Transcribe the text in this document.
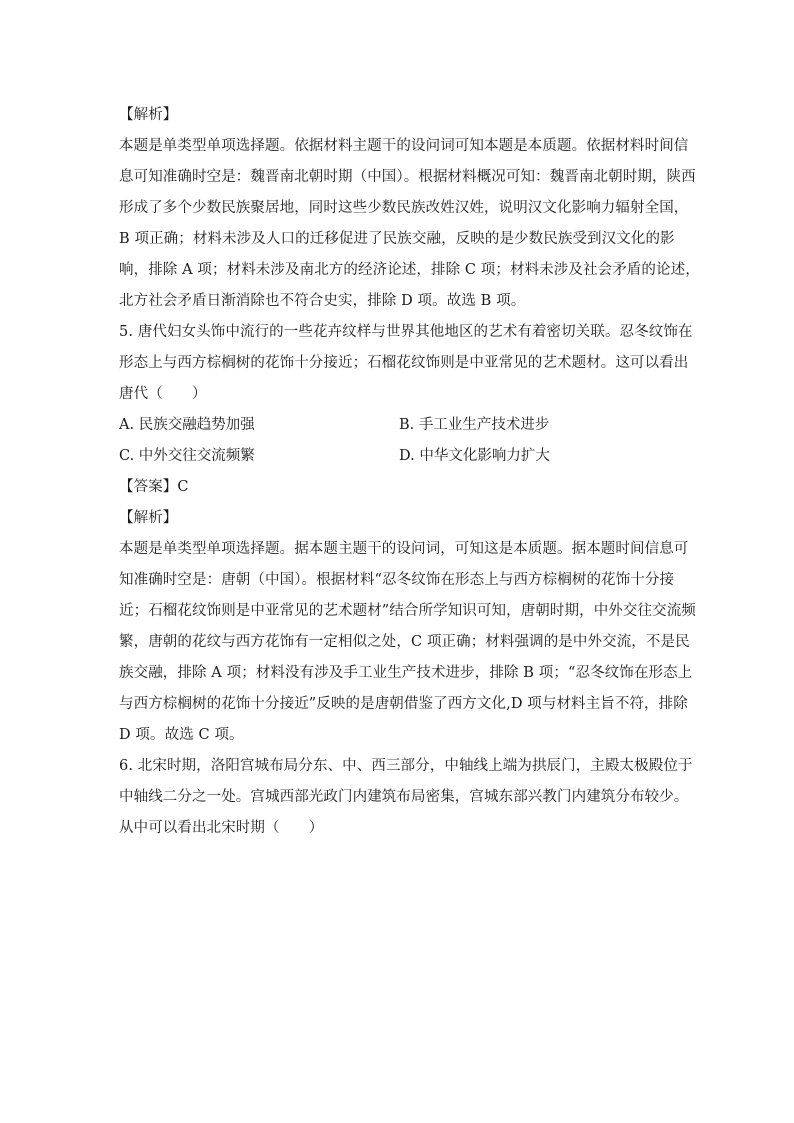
【解析】
本题是单类型单项选择题。依据材料主题干的设问词可知本题是本质题。依据材料时间信
息可知准确时空是：魏晋南北朝时期（中国）。根据材料概况可知：魏晋南北朝时期，陕西
形成了多个少数民族聚居地，同时这些少数民族改姓汉姓，说明汉文化影响力辐射全国，
B 项正确；材料未涉及人口的迁移促进了民族交融，反映的是少数民族受到汉文化的影
响，排除 A 项；材料未涉及南北方的经济论述，排除 C 项；材料未涉及社会矛盾的论述，
北方社会矛盾日渐消除也不符合史实，排除 D 项。故选 B 项。
5. 唐代妇女头饰中流行的一些花卉纹样与世界其他地区的艺术有着密切关联。忍冬纹饰在
形态上与西方棕榈树的花饰十分接近；石榴花纹饰则是中亚常见的艺术题材。这可以看出
唐代（　　）
A. 民族交融趋势加强	B. 手工业生产技术进步
C. 中外交往交流频繁	D. 中华文化影响力扩大
【答案】C
【解析】
本题是单类型单项选择题。据本题主题干的设问词，可知这是本质题。据本题时间信息可
知准确时空是：唐朝（中国）。根据材料“忍冬纹饰在形态上与西方棕榈树的花饰十分接
近；石榴花纹饰则是中亚常见的艺术题材”结合所学知识可知，唐朝时期，中外交往交流频
繁，唐朝的花纹与西方花饰有一定相似之处，C 项正确；材料强调的是中外交流，不是民
族交融，排除 A 项；材料没有涉及手工业生产技术进步，排除 B 项；“忍冬纹饰在形态上
与西方棕榈树的花饰十分接近”反映的是唐朝借鉴了西方文化,D 项与材料主旨不符，排除
D 项。故选 C 项。
6. 北宋时期，洛阳宫城布局分东、中、西三部分，中轴线上端为拱辰门，主殿太极殿位于
中轴线二分之一处。宫城西部光政门内建筑布局密集，宫城东部兴教门内建筑分布较少。
从中可以看出北宋时期（　　）
